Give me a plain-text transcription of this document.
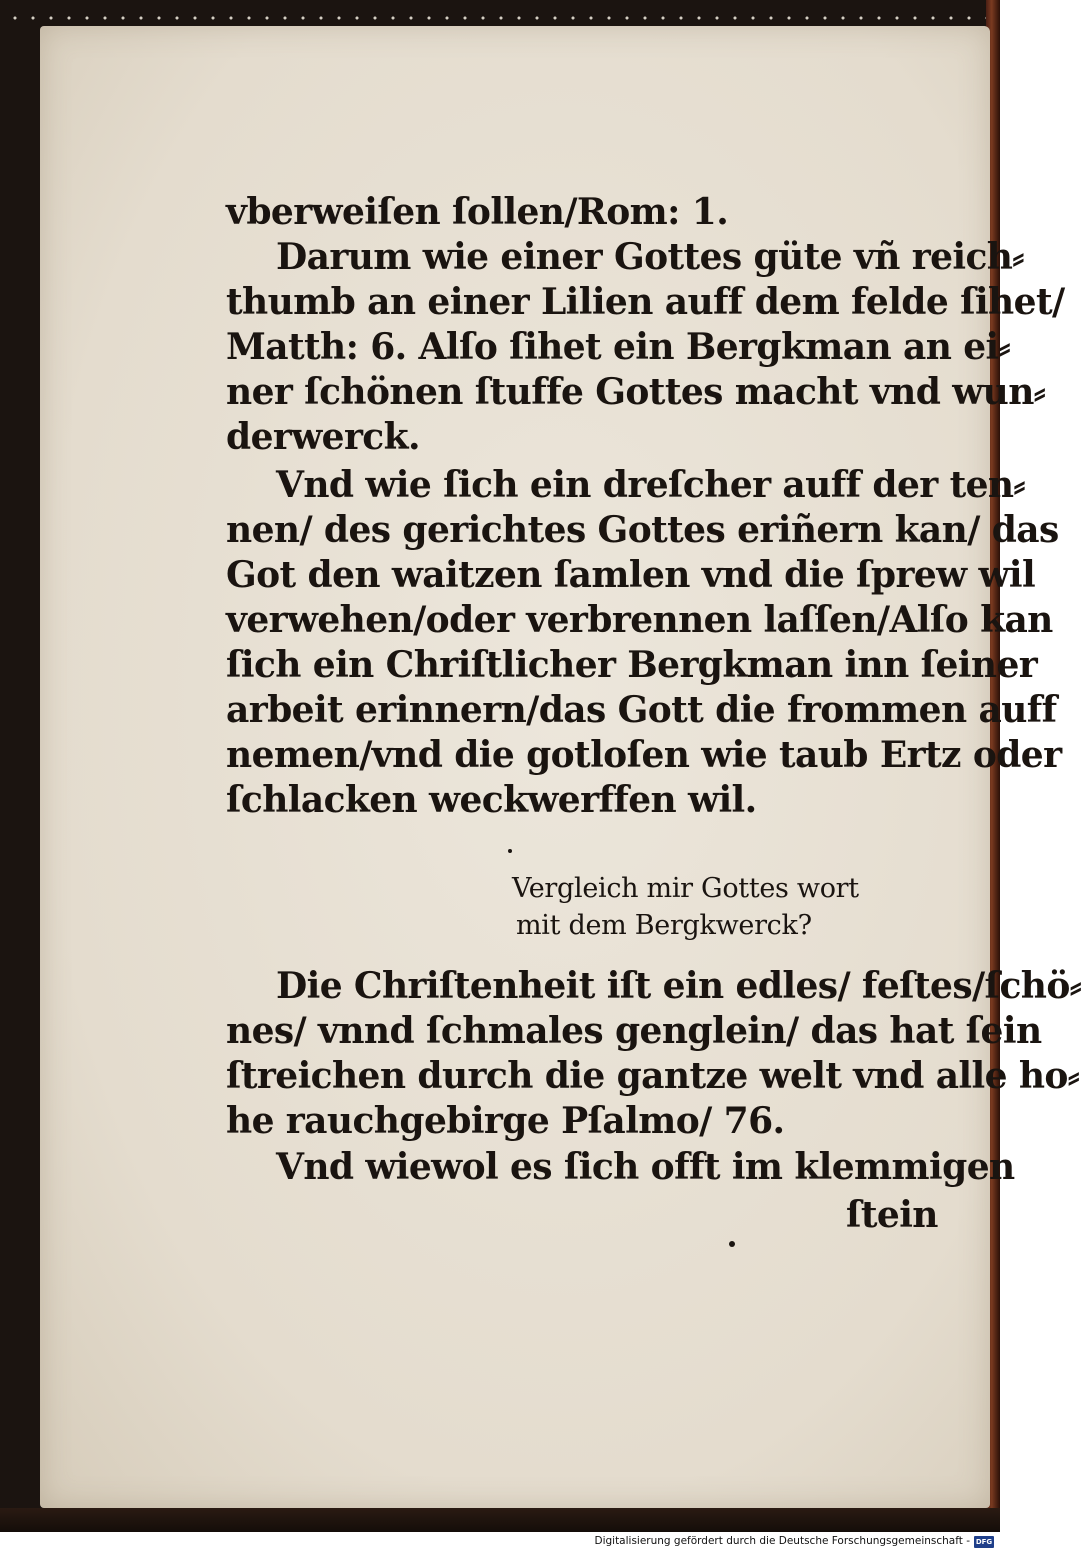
vberweiſen ſollen/Rom: 1.
Darum wie einer Gottes güte vñ reich⸗
thumb an einer Lilien auff dem felde ſihet/
Matth: 6. Alſo ſihet ein Bergkman an ei⸗
ner ſchönen ſtuffe Gottes macht vnd wun⸗
derwerck.
Vnd wie ſich ein dreſcher auff der ten⸗
nen/ des gerichtes Gottes eriñern kan/ das
Got den waitzen ſamlen vnd die ſprew wil
verwehen/oder verbrennen laſſen/Alſo kan
ſich ein Chriſtlicher Bergkman inn ſeiner
arbeit erinnern/das Gott die frommen auff
nemen/vnd die gotloſen wie taub Ertz oder
ſchlacken weckwerffen wil.
Vergleich mir Gottes wort
mit dem Bergkwerck?
Die Chriſtenheit iſt ein edles/ feſtes/ſchö⸗
nes/ vnnd ſchmales genglein/ das hat ſein
ſtreichen durch die gantze welt vnd alle ho⸗
he rauchgebirge Pſalmo/ 76.
Vnd wiewol es ſich offt im klemmigen
ſtein
Digitalisierung gefördert durch die Deutsche Forschungsgemeinschaft - DFG
